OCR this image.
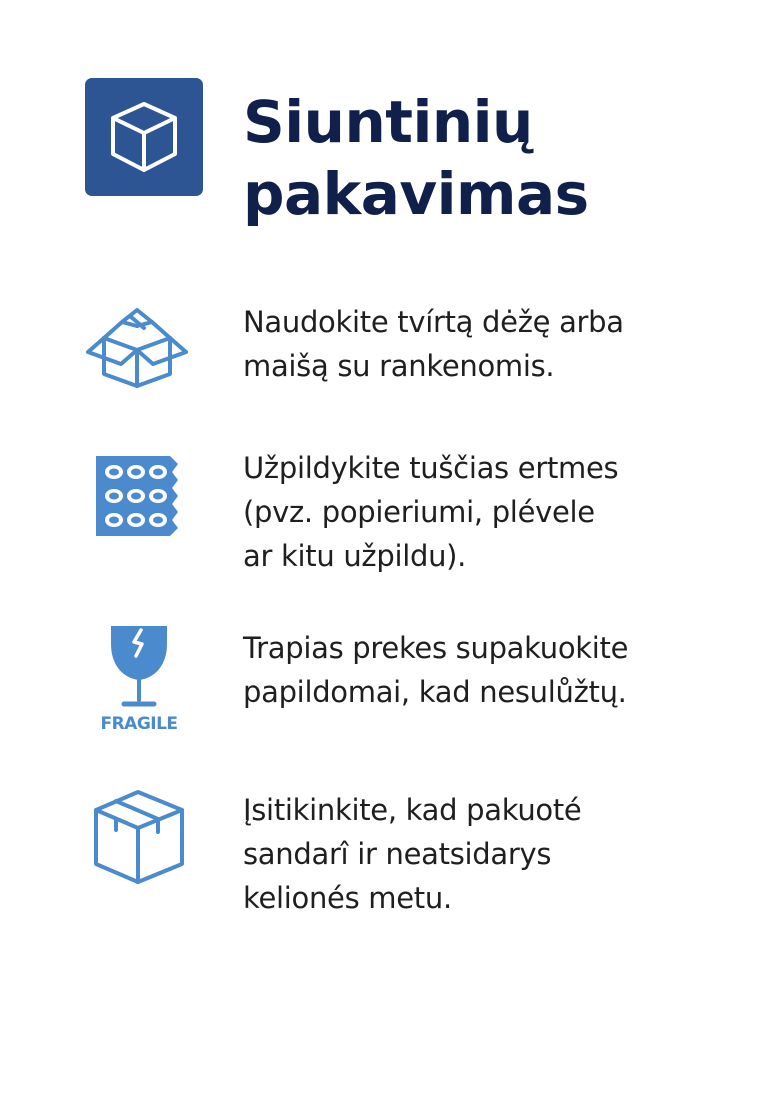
Siuntinių pakavimas

Naudokite tvírtą dėžę arba
maišą su rankenomis.

Užpildykite tuščias ertmes
(pvz. popieriumi, plévele
ar kitu užpildu).

FRAGILE

Trapias prekes supakuokite
papildomai, kad nesulůžtų.

Įsitikinkite, kad pakuoté
sandarî ir neatsidarys
kelionés metu.
